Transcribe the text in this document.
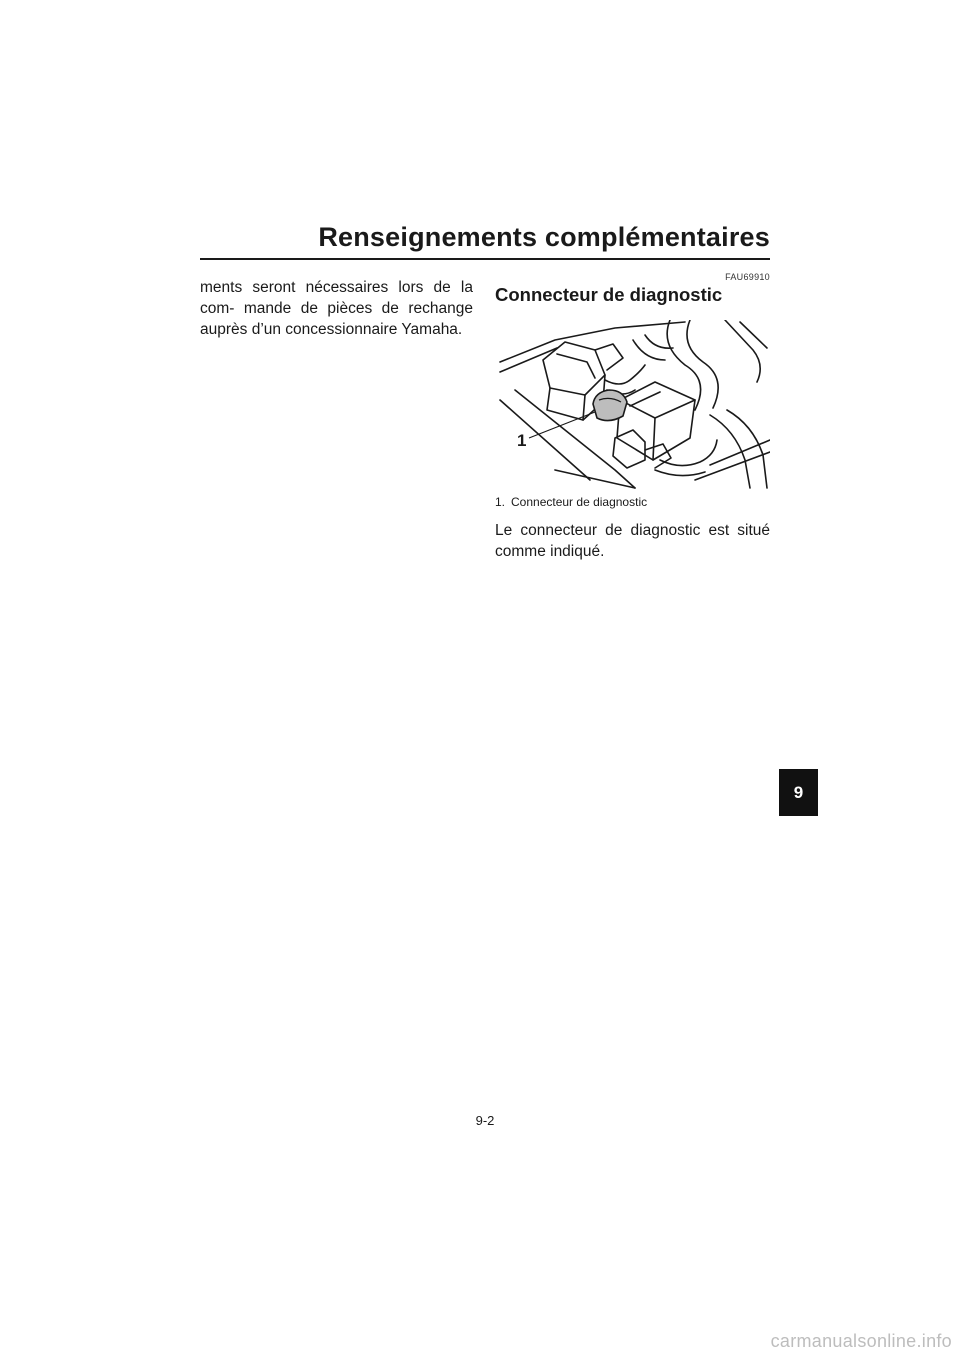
Renseignements complémentaires

ments seront nécessaires lors de la com- mande de pièces de rechange auprès d’un concessionnaire Yamaha.

FAU69910
Connecteur de diagnostic
1
1. Connecteur de diagnostic
Le connecteur de diagnostic est situé comme indiqué.
9
9-2
carmanualsonline.info
